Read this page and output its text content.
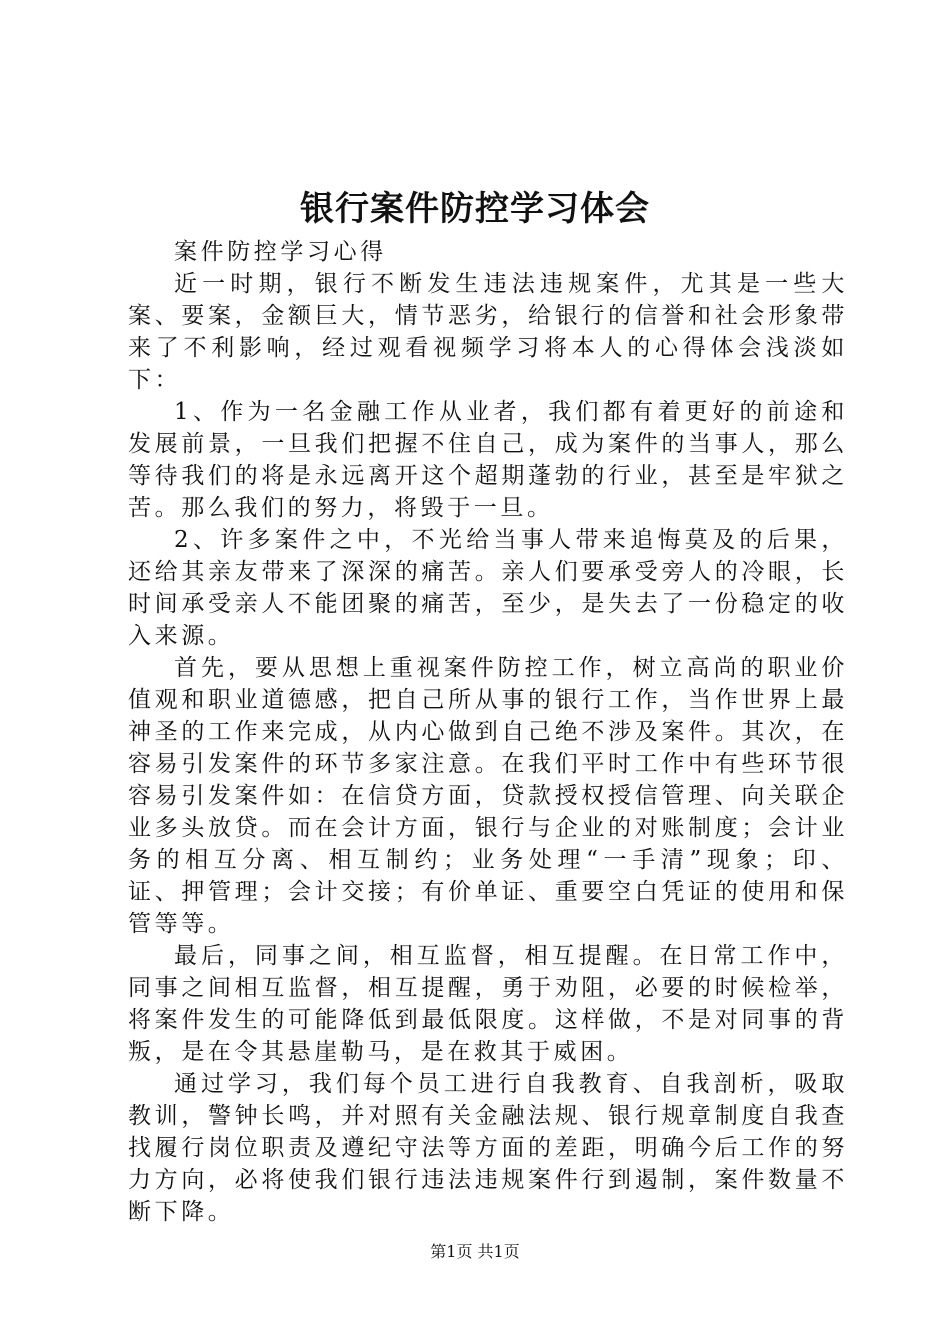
银行案件防控学习体会

案件防控学习心得

近一时期，银行不断发生违法违规案件，尤其是一些大案、要案，金额巨大，情节恶劣，给银行的信誉和社会形象带来了不利影响，经过观看视频学习将本人的心得体会浅淡如下：

1、作为一名金融工作从业者，我们都有着更好的前途和发展前景，一旦我们把握不住自己，成为案件的当事人，那么等待我们的将是永远离开这个超期蓬勃的行业，甚至是牢狱之苦。那么我们的努力，将毁于一旦。

2、许多案件之中，不光给当事人带来追悔莫及的后果，还给其亲友带来了深深的痛苦。亲人们要承受旁人的冷眼，长时间承受亲人不能团聚的痛苦，至少，是失去了一份稳定的收入来源。

首先，要从思想上重视案件防控工作，树立高尚的职业价值观和职业道德感，把自己所从事的银行工作，当作世界上最神圣的工作来完成，从内心做到自己绝不涉及案件。其次，在容易引发案件的环节多家注意。在我们平时工作中有些环节很容易引发案件如：在信贷方面，贷款授权授信管理、向关联企业多头放贷。而在会计方面，银行与企业的对账制度；会计业务的相互分离、相互制约；业务处理“一手清”现象；印、证、押管理；会计交接；有价单证、重要空白凭证的使用和保管等等。

最后，同事之间，相互监督，相互提醒。在日常工作中，同事之间相互监督，相互提醒，勇于劝阻，必要的时候检举，将案件发生的可能降低到最低限度。这样做，不是对同事的背叛，是在令其悬崖勒马，是在救其于威困。

通过学习，我们每个员工进行自我教育、自我剖析，吸取教训，警钟长鸣，并对照有关金融法规、银行规章制度自我查找履行岗位职责及遵纪守法等方面的差距，明确今后工作的努力方向，必将使我们银行违法违规案件行到遏制，案件数量不断下降。

第1页 共1页
